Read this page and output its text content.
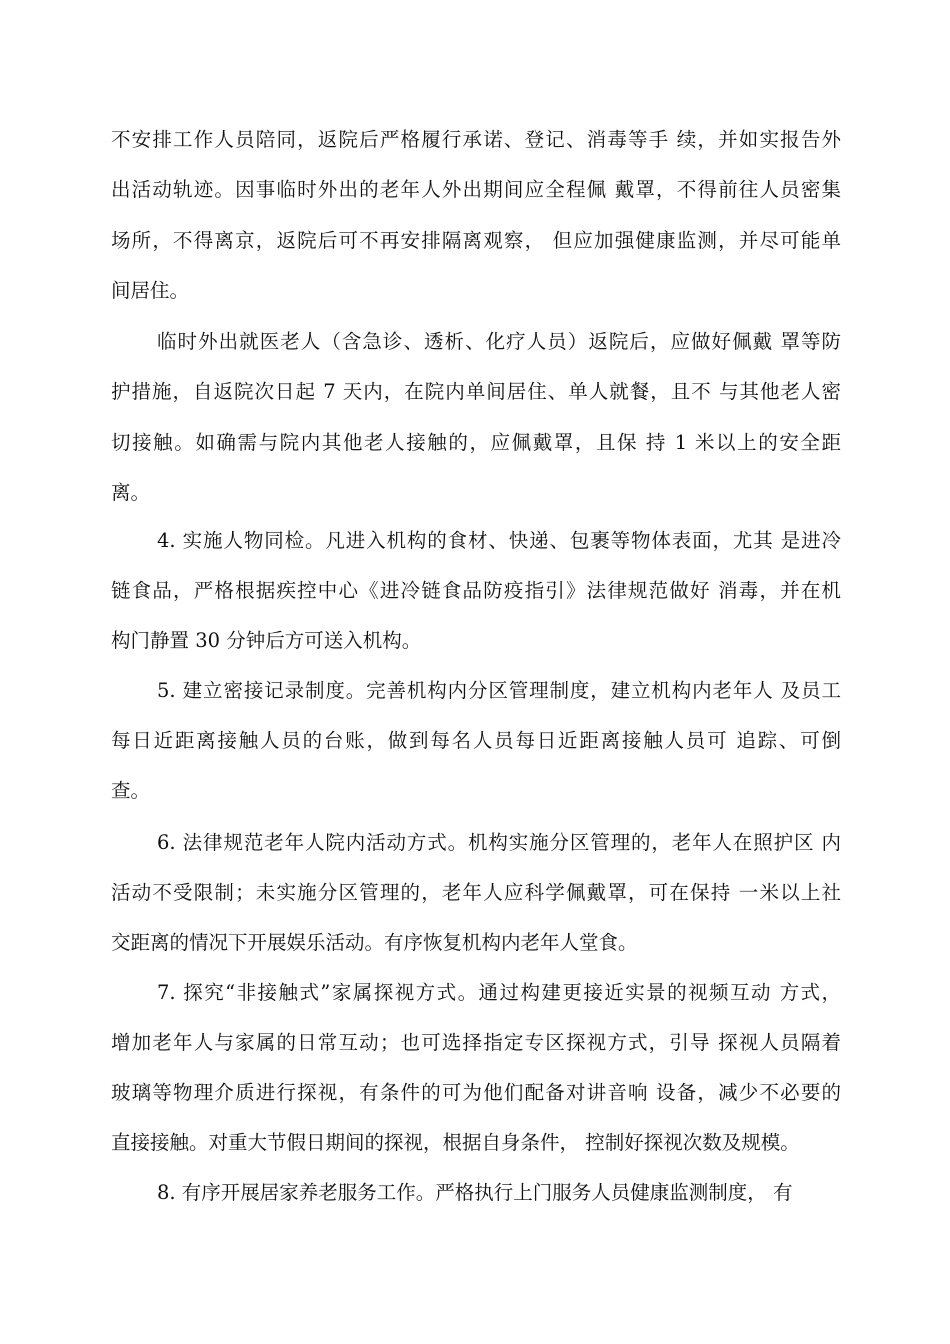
不安排工作人员陪同，返院后严格履行承诺、登记、消毒等手 续，并如实报告外
出活动轨迹。因事临时外出的老年人外出期间应全程佩 戴罩，不得前往人员密集
场所，不得离京，返院后可不再安排隔离观察， 但应加强健康监测，并尽可能单
间居住。
临时外出就医老人（含急诊、透析、化疗人员）返院后，应做好佩戴 罩等防
护措施，自返院次日起 7 天内，在院内单间居住、单人就餐，且不 与其他老人密
切接触。如确需与院内其他老人接触的，应佩戴罩，且保 持 1 米以上的安全距
离。
4. 实施人物同检。凡进入机构的食材、快递、包裹等物体表面，尤其 是进冷
链食品，严格根据疾控中心《进冷链食品防疫指引》法律规范做好 消毒，并在机
构门静置 30 分钟后方可送入机构。
5. 建立密接记录制度。完善机构内分区管理制度，建立机构内老年人 及员工
每日近距离接触人员的台账，做到每名人员每日近距离接触人员可 追踪、可倒
查。
6. 法律规范老年人院内活动方式。机构实施分区管理的，老年人在照护区 内
活动不受限制；未实施分区管理的，老年人应科学佩戴罩，可在保持 一米以上社
交距离的情况下开展娱乐活动。有序恢复机构内老年人堂食。
7. 探究“非接触式”家属探视方式。通过构建更接近实景的视频互动 方式，
增加老年人与家属的日常互动；也可选择指定专区探视方式，引导 探视人员隔着
玻璃等物理介质进行探视，有条件的可为他们配备对讲音响 设备，减少不必要的
直接接触。对重大节假日期间的探视，根据自身条件， 控制好探视次数及规模。
8. 有序开展居家养老服务工作。严格执行上门服务人员健康监测制度， 有
